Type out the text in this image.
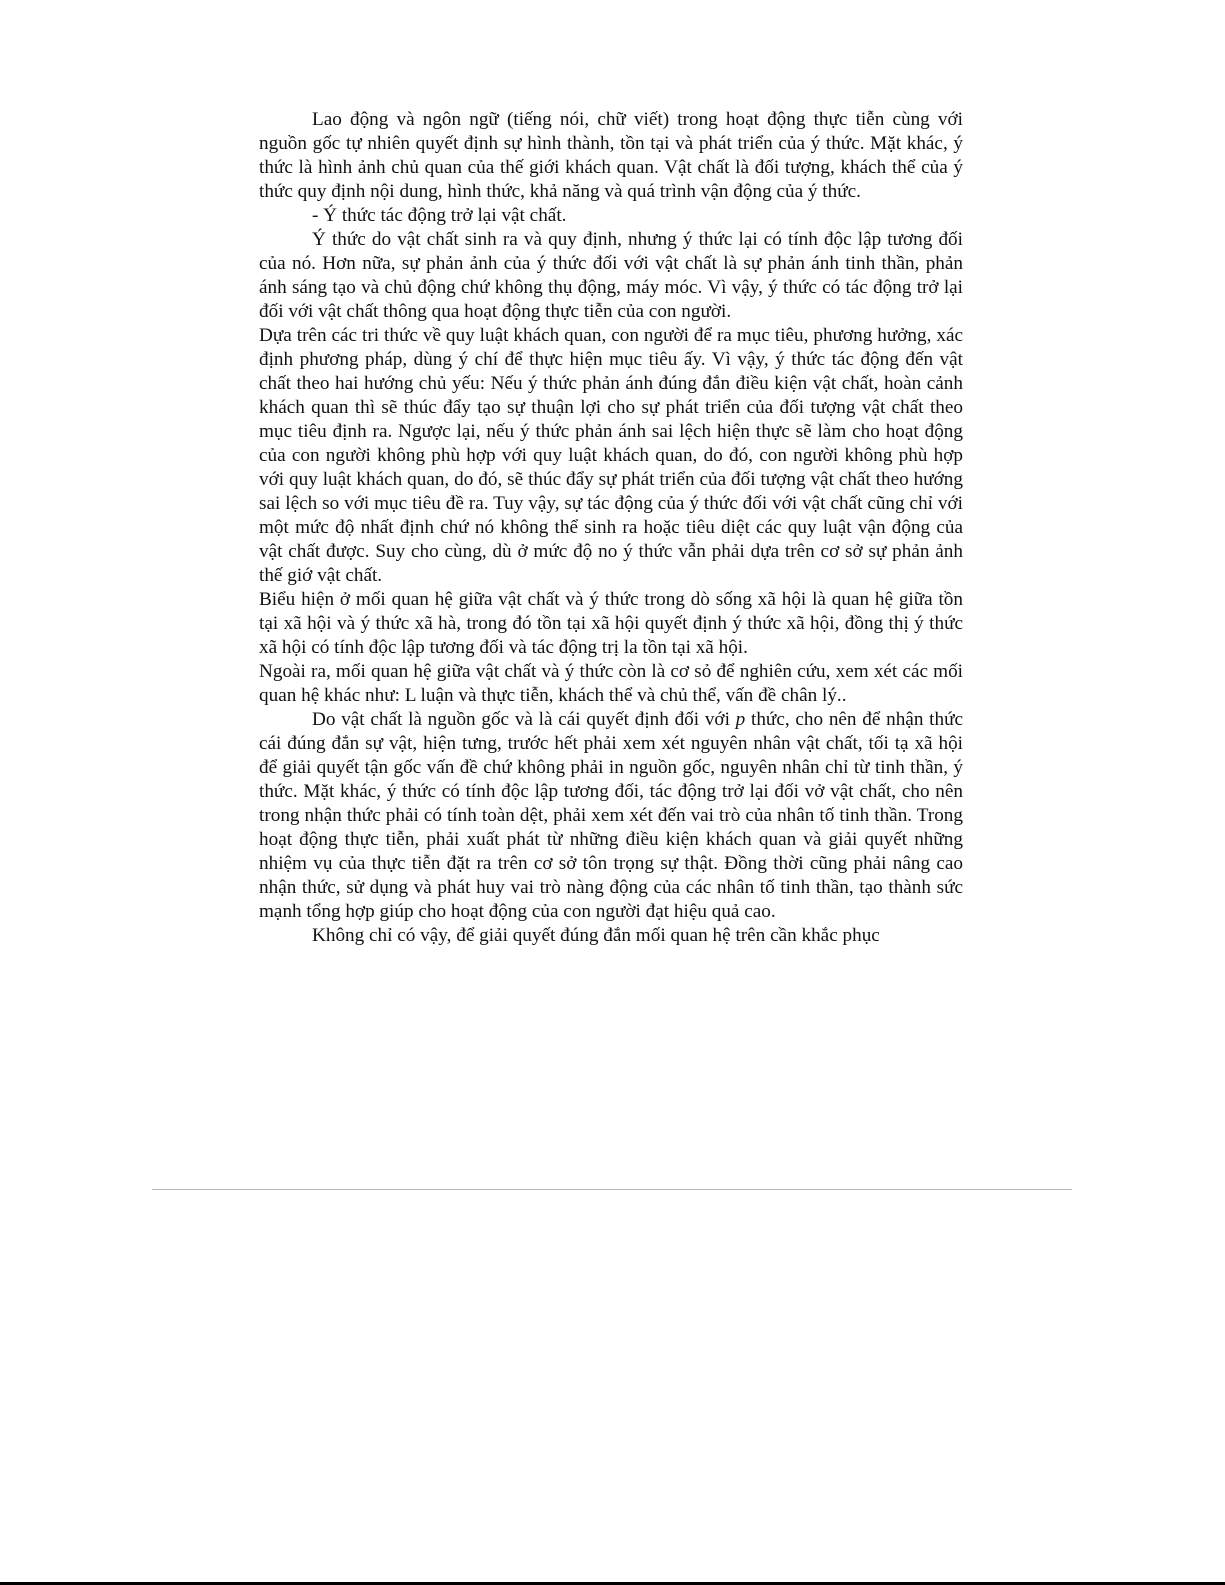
Lao động và ngôn ngữ (tiếng nói, chữ viết) trong hoạt động thực tiễn cùng với nguồn gốc tự nhiên quyết định sự hình thành, tồn tại và phát triển của ý thức. Mặt khác, ý thức là hình ảnh chủ quan của thế giới khách quan. Vật chất là đối tượng, khách thể của ý thức quy định nội dung, hình thức, khả năng và quá trình vận động của ý thức.

- Ý thức tác động trở lại vật chất.

Ý thức do vật chất sinh ra và quy định, nhưng ý thức lại có tính độc lập tương đối của nó. Hơn nữa, sự phản ảnh của ý thức đối với vật chất là sự phản ánh tinh thần, phản ánh sáng tạo và chủ động chứ không thụ động, máy móc. Vì vậy, ý thức có tác động trở lại đối với vật chất thông qua hoạt động thực tiễn của con người.

Dựa trên các tri thức về quy luật khách quan, con người để ra mục tiêu, phương hưởng, xác định phương pháp, dùng ý chí để thực hiện mục tiêu ấy. Vì vậy, ý thức tác động đến vật chất theo hai hướng chủ yếu: Nếu ý thức phản ánh đúng đắn điều kiện vật chất, hoàn cảnh khách quan thì sẽ thúc đẩy tạo sự thuận lợi cho sự phát triển của đối tượng vật chất theo mục tiêu định ra. Ngược lại, nếu ý thức phản ánh sai lệch hiện thực sẽ làm cho hoạt động của con người không phù hợp với quy luật khách quan, do đó, con người không phù hợp với quy luật khách quan, do đó, sẽ thúc đẩy sự phát triển của đối tượng vật chất theo hướng sai lệch so với mục tiêu đề ra. Tuy vậy, sự tác động của ý thức đối với vật chất cũng chỉ với một mức độ nhất định chứ nó không thể sinh ra hoặc tiêu diệt các quy luật vận động của vật chất được. Suy cho cùng, dù ở mức độ no ý thức vẫn phải dựa trên cơ sở sự phản ảnh thế giớ vật chất.

Biểu hiện ở mối quan hệ giữa vật chất và ý thức trong dò sống xã hội là quan hệ giữa tồn tại xã hội và ý thức xã hà, trong đó tồn tại xã hội quyết định ý thức xã hội, đồng thị ý thức xã hội có tính độc lập tương đối và tác động trị la tồn tại xã hội.

Ngoài ra, mối quan hệ giữa vật chất và ý thức còn là cơ sỏ để nghiên cứu, xem xét các mối quan hệ khác như: L luận và thực tiễn, khách thể và chủ thể, vấn đề chân lý..

Do vật chất là nguồn gốc và là cái quyết định đối với p thức, cho nên để nhận thức cái đúng đắn sự vật, hiện tưng, trước hết phải xem xét nguyên nhân vật chất, tối tạ xã hội để giải quyết tận gốc vấn đề chứ không phải in nguồn gốc, nguyên nhân chỉ từ tinh thần, ý thức. Mặt khác, ý thức có tính độc lập tương đối, tác động trở lại đối vở vật chất, cho nên trong nhận thức phải có tính toàn dệt, phải xem xét đến vai trò của nhân tố tinh thần. Trong hoạt động thực tiễn, phải xuất phát từ những điều kiện khách quan và giải quyết những nhiệm vụ của thực tiễn đặt ra trên cơ sở tôn trọng sự thật. Đồng thời cũng phải nâng cao nhận thức, sử dụng và phát huy vai trò nàng động của các nhân tố tinh thần, tạo thành sức mạnh tổng hợp giúp cho hoạt động của con người đạt hiệu quả cao.

Không chỉ có vậy, để giải quyết đúng đắn mối quan hệ trên cần khắc phục
